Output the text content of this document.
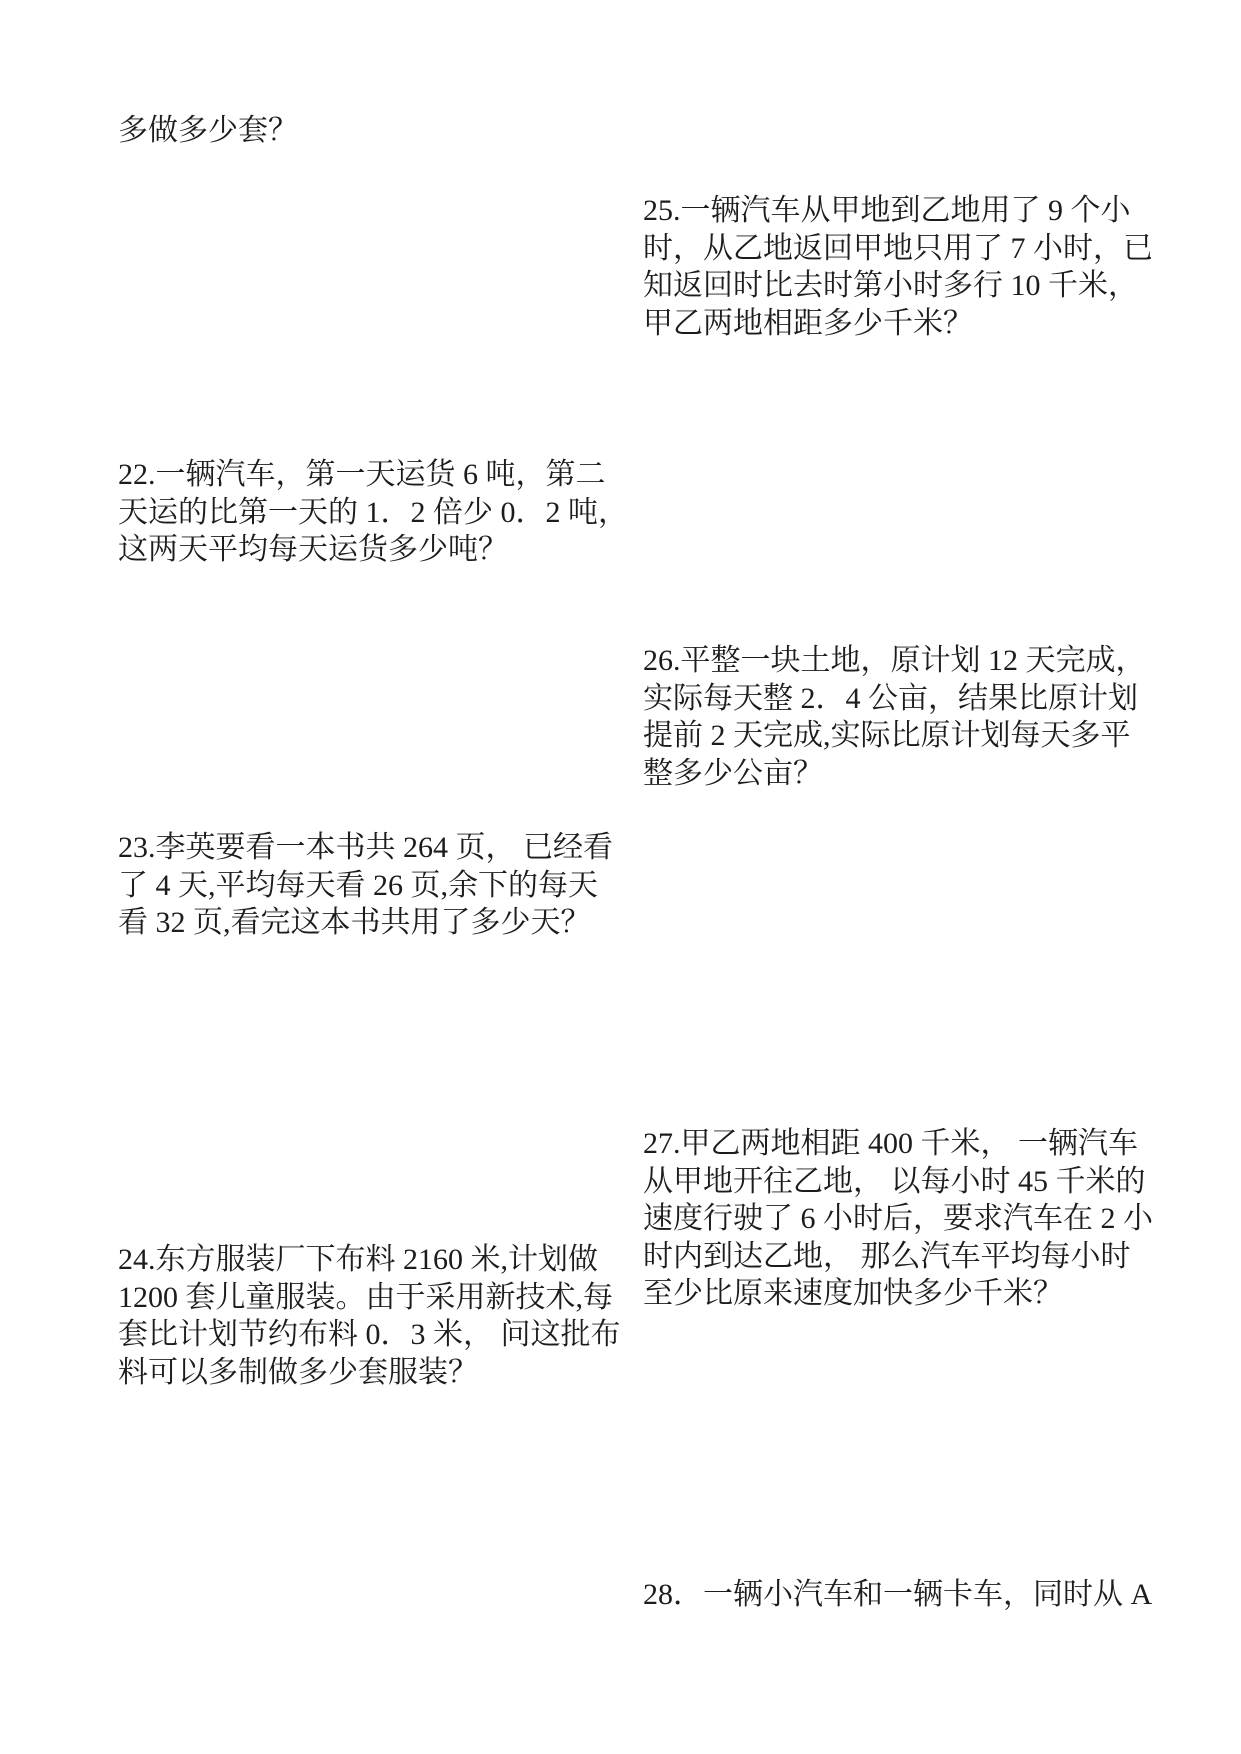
多做多少套？
25.一辆汽车从甲地到乙地用了 9 个小
时，从乙地返回甲地只用了 7 小时，已
知返回时比去时第小时多行 10 千米，
甲乙两地相距多少千米？
22.一辆汽车，第一天运货 6 吨，第二
天运的比第一天的 1．2 倍少 0．2 吨，
这两天平均每天运货多少吨？
26.平整一块土地，原计划 12 天完成，
实际每天整 2．4 公亩，结果比原计划
提前 2 天完成,实际比原计划每天多平
整多少公亩？
23.李英要看一本书共 264 页， 已经看
了 4 天,平均每天看 26 页,余下的每天
看 32 页,看完这本书共用了多少天？
27.甲乙两地相距 400 千米， 一辆汽车
从甲地开往乙地， 以每小时 45 千米的
速度行驶了 6 小时后，要求汽车在 2 小
时内到达乙地， 那么汽车平均每小时
至少比原来速度加快多少千米？
24.东方服装厂下布料 2160 米,计划做
1200 套儿童服装。由于采用新技术,每
套比计划节约布料 0．3 米， 问这批布
料可以多制做多少套服装？
28．一辆小汽车和一辆卡车，同时从 A
